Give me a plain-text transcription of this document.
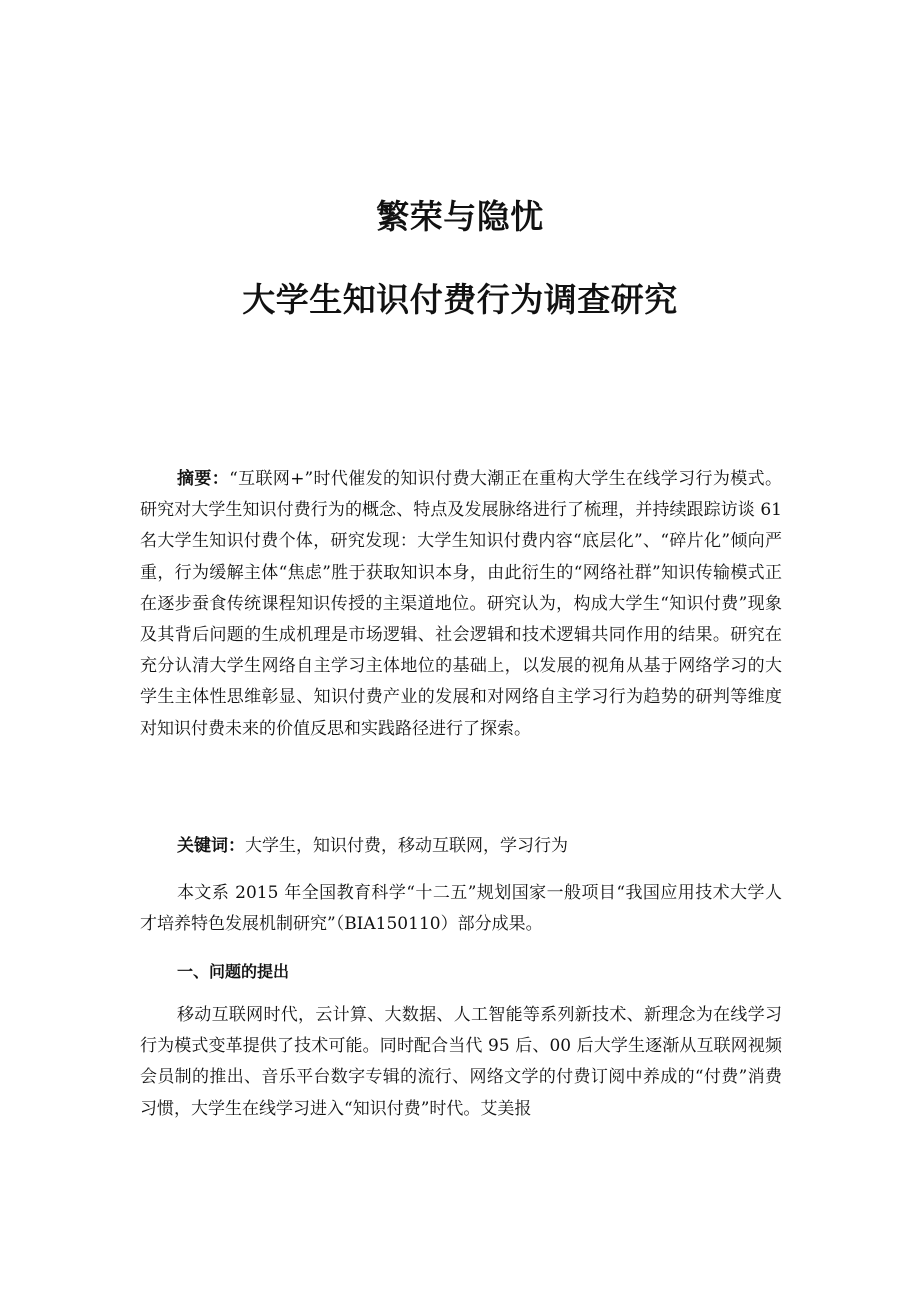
繁荣与隐忧
大学生知识付费行为调查研究

摘要：“互联网+”时代催发的知识付费大潮正在重构大学生在线学习行为模式。研究对大学生知识付费行为的概念、特点及发展脉络进行了梳理，并持续跟踪访谈 61 名大学生知识付费个体，研究发现：大学生知识付费内容“底层化”、“碎片化”倾向严重，行为缓解主体“焦虑”胜于获取知识本身，由此衍生的“网络社群”知识传输模式正在逐步蚕食传统课程知识传授的主渠道地位。研究认为，构成大学生“知识付费”现象及其背后问题的生成机理是市场逻辑、社会逻辑和技术逻辑共同作用的结果。研究在充分认清大学生网络自主学习主体地位的基础上，以发展的视角从基于网络学习的大学生主体性思维彰显、知识付费产业的发展和对网络自主学习行为趋势的研判等维度对知识付费未来的价值反思和实践路径进行了探索。

关键词：大学生，知识付费，移动互联网，学习行为

本文系 2015 年全国教育科学“十二五”规划国家一般项目“我国应用技术大学人才培养特色发展机制研究”（BIA150110）部分成果。

一、问题的提出

移动互联网时代，云计算、大数据、人工智能等系列新技术、新理念为在线学习行为模式变革提供了技术可能。同时配合当代 95 后、00 后大学生逐渐从互联网视频会员制的推出、音乐平台数字专辑的流行、网络文学的付费订阅中养成的“付费”消费习惯，大学生在线学习进入“知识付费”时代。艾美报
